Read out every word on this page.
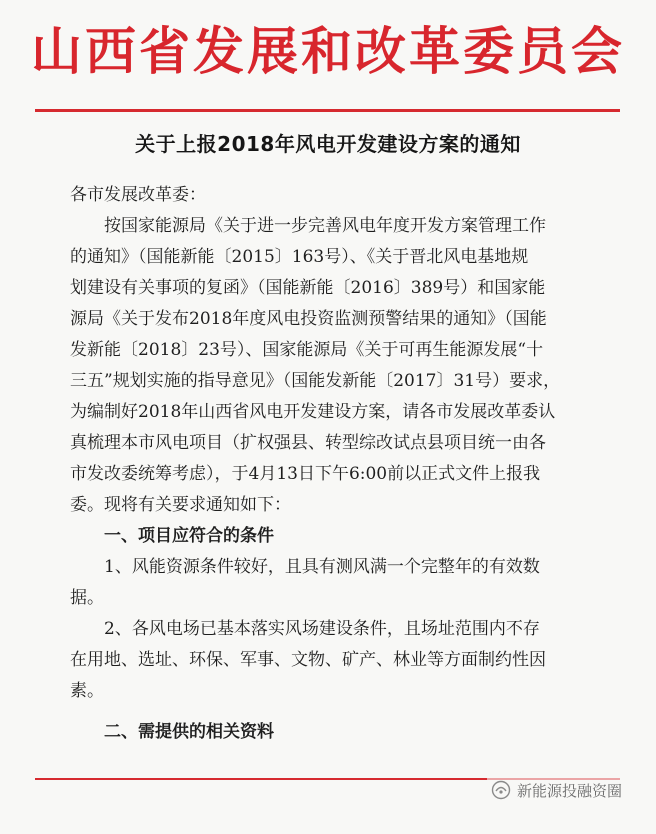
山西省发展和改革委员会
关于上报2018年风电开发建设方案的通知
各市发展改革委：
按国家能源局《关于进一步完善风电年度开发方案管理工作
的通知》（国能新能〔2015〕163号）、《关于晋北风电基地规
划建设有关事项的复函》（国能新能〔2016〕389号）和国家能
源局《关于发布2018年度风电投资监测预警结果的通知》（国能
发新能〔2018〕23号）、国家能源局《关于可再生能源发展“十
三五”规划实施的指导意见》（国能发新能〔2017〕31号）要求，
为编制好2018年山西省风电开发建设方案，请各市发展改革委认
真梳理本市风电项目（扩权强县、转型综改试点县项目统一由各
市发改委统筹考虑），于4月13日下午6:00前以正式文件上报我
委。现将有关要求通知如下：
一、项目应符合的条件
1、风能资源条件较好，且具有测风满一个完整年的有效数
据。
2、各风电场已基本落实风场建设条件，且场址范围内不存
在用地、选址、环保、军事、文物、矿产、林业等方面制约性因
素。
二、需提供的相关资料
新能源投融资圈
